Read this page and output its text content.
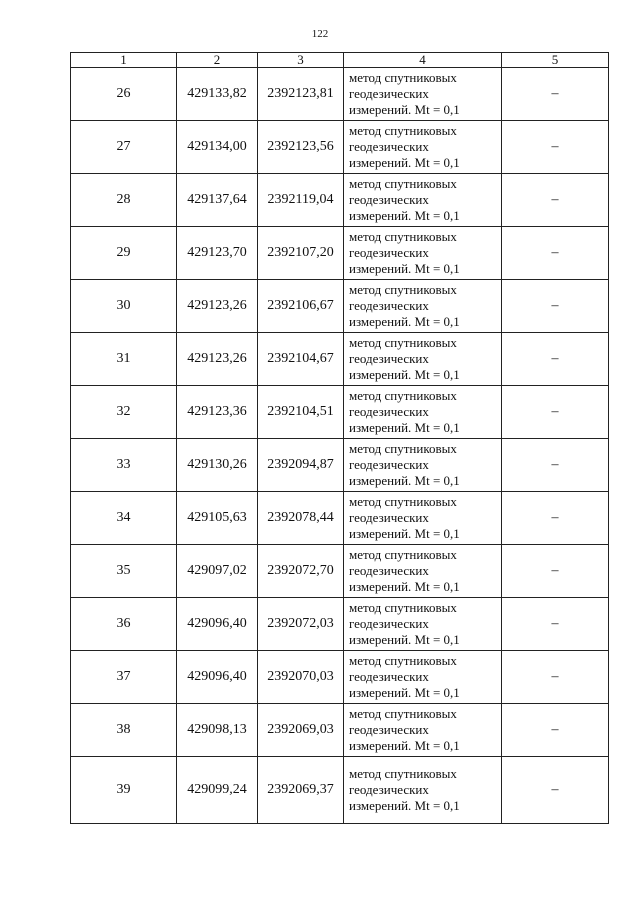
122
1	2	3	4	5
26	429133,82	2392123,81	метод спутниковых
геодезических
измерений. Mt = 0,1	–
27	429134,00	2392123,56	метод спутниковых
геодезических
измерений. Mt = 0,1	–
28	429137,64	2392119,04	метод спутниковых
геодезических
измерений. Mt = 0,1	–
29	429123,70	2392107,20	метод спутниковых
геодезических
измерений. Mt = 0,1	–
30	429123,26	2392106,67	метод спутниковых
геодезических
измерений. Mt = 0,1	–
31	429123,26	2392104,67	метод спутниковых
геодезических
измерений. Mt = 0,1	–
32	429123,36	2392104,51	метод спутниковых
геодезических
измерений. Mt = 0,1	–
33	429130,26	2392094,87	метод спутниковых
геодезических
измерений. Mt = 0,1	–
34	429105,63	2392078,44	метод спутниковых
геодезических
измерений. Mt = 0,1	–
35	429097,02	2392072,70	метод спутниковых
геодезических
измерений. Mt = 0,1	–
36	429096,40	2392072,03	метод спутниковых
геодезических
измерений. Mt = 0,1	–
37	429096,40	2392070,03	метод спутниковых
геодезических
измерений. Mt = 0,1	–
38	429098,13	2392069,03	метод спутниковых
геодезических
измерений. Mt = 0,1	–
39	429099,24	2392069,37	метод спутниковых
геодезических
измерений. Mt = 0,1	–
